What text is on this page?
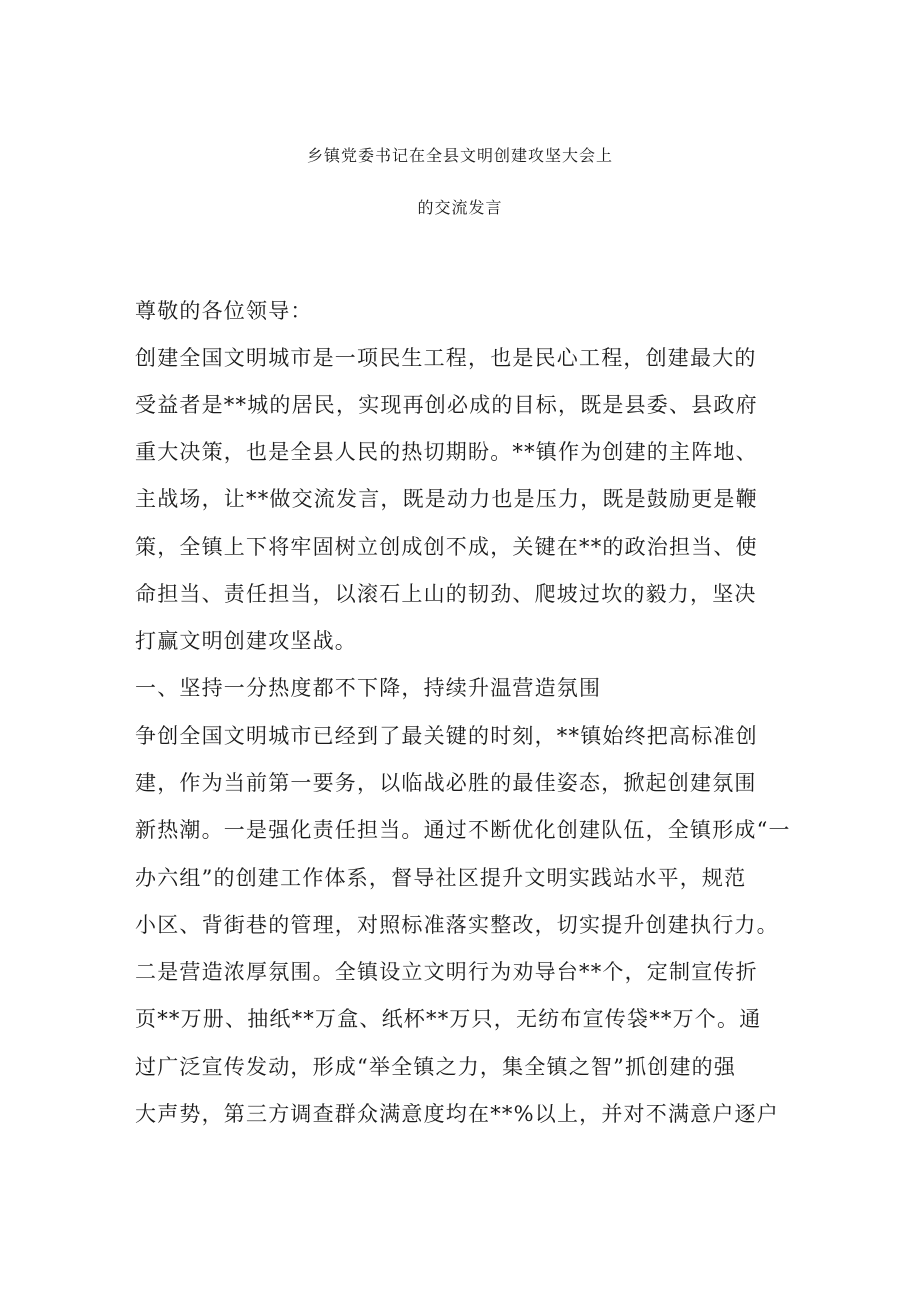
乡镇党委书记在全县文明创建攻坚大会上
的交流发言
尊敬的各位领导：
创建全国文明城市是一项民生工程，也是民心工程，创建最大的
受益者是**城的居民，实现再创必成的目标，既是县委、县政府
重大决策，也是全县人民的热切期盼。**镇作为创建的主阵地、
主战场，让**做交流发言，既是动力也是压力，既是鼓励更是鞭
策，全镇上下将牢固树立创成创不成，关键在**的政治担当、使
命担当、责任担当，以滚石上山的韧劲、爬坡过坎的毅力，坚决
打赢文明创建攻坚战。
一、坚持一分热度都不下降，持续升温营造氛围
争创全国文明城市已经到了最关键的时刻，**镇始终把高标准创
建，作为当前第一要务，以临战必胜的最佳姿态，掀起创建氛围
新热潮。一是强化责任担当。通过不断优化创建队伍，全镇形成“一
办六组”的创建工作体系，督导社区提升文明实践站水平，规范
小区、背街巷的管理，对照标准落实整改，切实提升创建执行力。
二是营造浓厚氛围。全镇设立文明行为劝导台**个，定制宣传折
页**万册、抽纸**万盒、纸杯**万只，无纺布宣传袋**万个。通
过广泛宣传发动，形成“举全镇之力，集全镇之智”抓创建的强
大声势，第三方调查群众满意度均在**%以上，并对不满意户逐户
